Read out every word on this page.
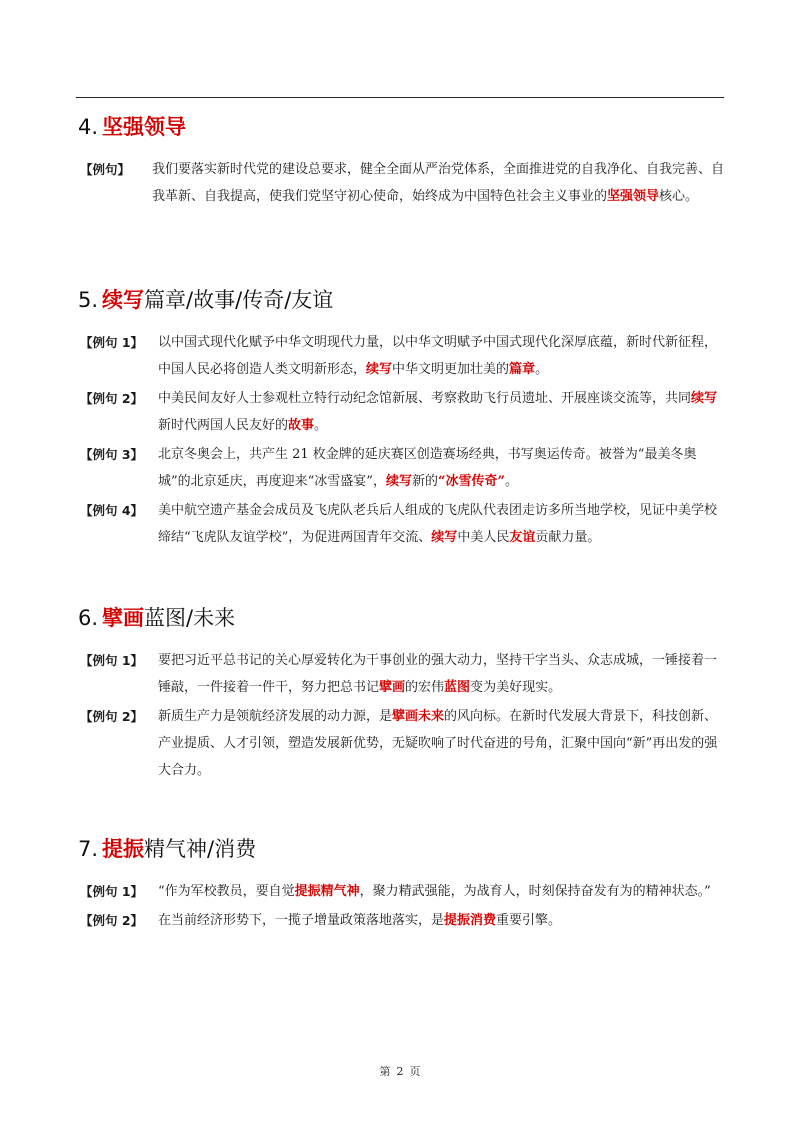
4. 坚强领导
【例句】 我们要落实新时代党的建设总要求，健全全面从严治党体系，全面推进党的自我净化、自我完善、自我革新、自我提高，使我们党坚守初心使命，始终成为中国特色社会主义事业的坚强领导核心。
5. 续写篇章/故事/传奇/友谊
【例句 1】 以中国式现代化赋予中华文明现代力量，以中华文明赋予中国式现代化深厚底蕴，新时代新征程，中国人民必将创造人类文明新形态，续写中华文明更加壮美的篇章。
【例句 2】 中美民间友好人士参观杜立特行动纪念馆新展、考察救助飞行员遗址、开展座谈交流等，共同续写新时代两国人民友好的故事。
【例句 3】 北京冬奥会上，共产生 21 枚金牌的延庆赛区创造赛场经典，书写奥运传奇。被誉为“最美冬奥城”的北京延庆，再度迎来“冰雪盛宴”，续写新的“冰雪传奇”。
【例句 4】 美中航空遗产基金会成员及飞虎队老兵后人组成的飞虎队代表团走访多所当地学校，见证中美学校缔结“飞虎队友谊学校”，为促进两国青年交流、续写中美人民友谊贡献力量。
6. 擘画蓝图/未来
【例句 1】 要把习近平总书记的关心厚爱转化为干事创业的强大动力，坚持干字当头、众志成城，一锤接着一锤敲，一件接着一件干，努力把总书记擘画的宏伟蓝图变为美好现实。
【例句 2】 新质生产力是领航经济发展的动力源，是擘画未来的风向标。在新时代发展大背景下，科技创新、产业提质、人才引领，塑造发展新优势，无疑吹响了时代奋进的号角，汇聚中国向“新”再出发的强大合力。
7. 提振精气神/消费
【例句 1】 “作为军校教员，要自觉提振精气神，聚力精武强能，为战育人，时刻保持奋发有为的精神状态。”
【例句 2】 在当前经济形势下，一揽子增量政策落地落实，是提振消费重要引擎。
第 2 页
